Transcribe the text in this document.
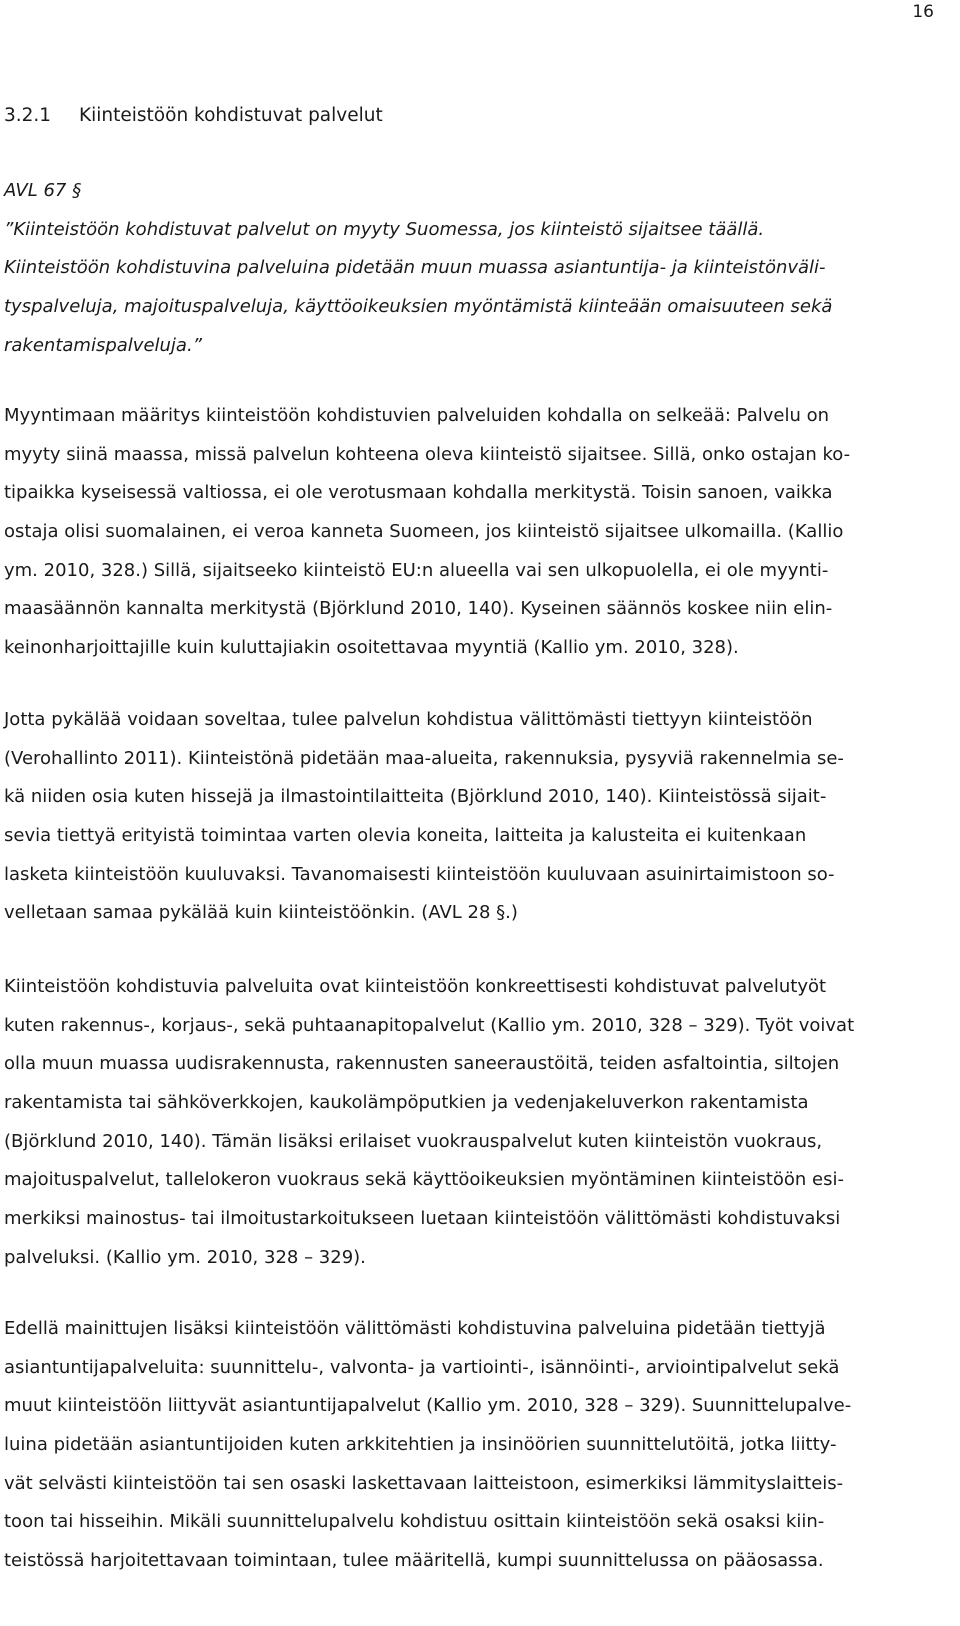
16
3.2.1 Kiinteistöön kohdistuvat palvelut
AVL 67 §
”Kiinteistöön kohdistuvat palvelut on myyty Suomessa, jos kiinteistö sijaitsee täällä.
Kiinteistöön kohdistuvina palveluina pidetään muun muassa asiantuntija- ja kiinteistönväli-
tyspalveluja, majoituspalveluja, käyttöoikeuksien myöntämistä kiinteään omaisuuteen sekä
rakentamispalveluja.”
Myyntimaan määritys kiinteistöön kohdistuvien palveluiden kohdalla on selkeää: Palvelu on
myyty siinä maassa, missä palvelun kohteena oleva kiinteistö sijaitsee. Sillä, onko ostajan ko-
tipaikka kyseisessä valtiossa, ei ole verotusmaan kohdalla merkitystä. Toisin sanoen, vaikka
ostaja olisi suomalainen, ei veroa kanneta Suomeen, jos kiinteistö sijaitsee ulkomailla. (Kallio
ym. 2010, 328.) Sillä, sijaitseeko kiinteistö EU:n alueella vai sen ulkopuolella, ei ole myynti-
maasäännön kannalta merkitystä (Björklund 2010, 140). Kyseinen säännös koskee niin elin-
keinonharjoittajille kuin kuluttajiakin osoitettavaa myyntiä (Kallio ym. 2010, 328).
Jotta pykälää voidaan soveltaa, tulee palvelun kohdistua välittömästi tiettyyn kiinteistöön
(Verohallinto 2011). Kiinteistönä pidetään maa-alueita, rakennuksia, pysyviä rakennelmia se-
kä niiden osia kuten hissejä ja ilmastointilaitteita (Björklund 2010, 140). Kiinteistössä sijait-
sevia tiettyä erityistä toimintaa varten olevia koneita, laitteita ja kalusteita ei kuitenkaan
lasketa kiinteistöön kuuluvaksi. Tavanomaisesti kiinteistöön kuuluvaan asuinirtaimistoon so-
velletaan samaa pykälää kuin kiinteistöönkin. (AVL 28 §.)
Kiinteistöön kohdistuvia palveluita ovat kiinteistöön konkreettisesti kohdistuvat palvelutyöt
kuten rakennus-, korjaus-, sekä puhtaanapitopalvelut (Kallio ym. 2010, 328 – 329). Työt voivat
olla muun muassa uudisrakennusta, rakennusten saneeraustöitä, teiden asfaltointia, siltojen
rakentamista tai sähköverkkojen, kaukolämpöputkien ja vedenjakeluverkon rakentamista
(Björklund 2010, 140). Tämän lisäksi erilaiset vuokrauspalvelut kuten kiinteistön vuokraus,
majoituspalvelut, tallelokeron vuokraus sekä käyttöoikeuksien myöntäminen kiinteistöön esi-
merkiksi mainostus- tai ilmoitustarkoitukseen luetaan kiinteistöön välittömästi kohdistuvaksi
palveluksi. (Kallio ym. 2010, 328 – 329).
Edellä mainittujen lisäksi kiinteistöön välittömästi kohdistuvina palveluina pidetään tiettyjä
asiantuntijapalveluita: suunnittelu-, valvonta- ja vartiointi-, isännöinti-, arviointipalvelut sekä
muut kiinteistöön liittyvät asiantuntijapalvelut (Kallio ym. 2010, 328 – 329). Suunnittelupalve-
luina pidetään asiantuntijoiden kuten arkkitehtien ja insinöörien suunnittelutöitä, jotka liitty-
vät selvästi kiinteistöön tai sen osaski laskettavaan laitteistoon, esimerkiksi lämmityslaitteis-
toon tai hisseihin. Mikäli suunnittelupalvelu kohdistuu osittain kiinteistöön sekä osaksi kiin-
teistössä harjoitettavaan toimintaan, tulee määritellä, kumpi suunnittelussa on pääosassa.
